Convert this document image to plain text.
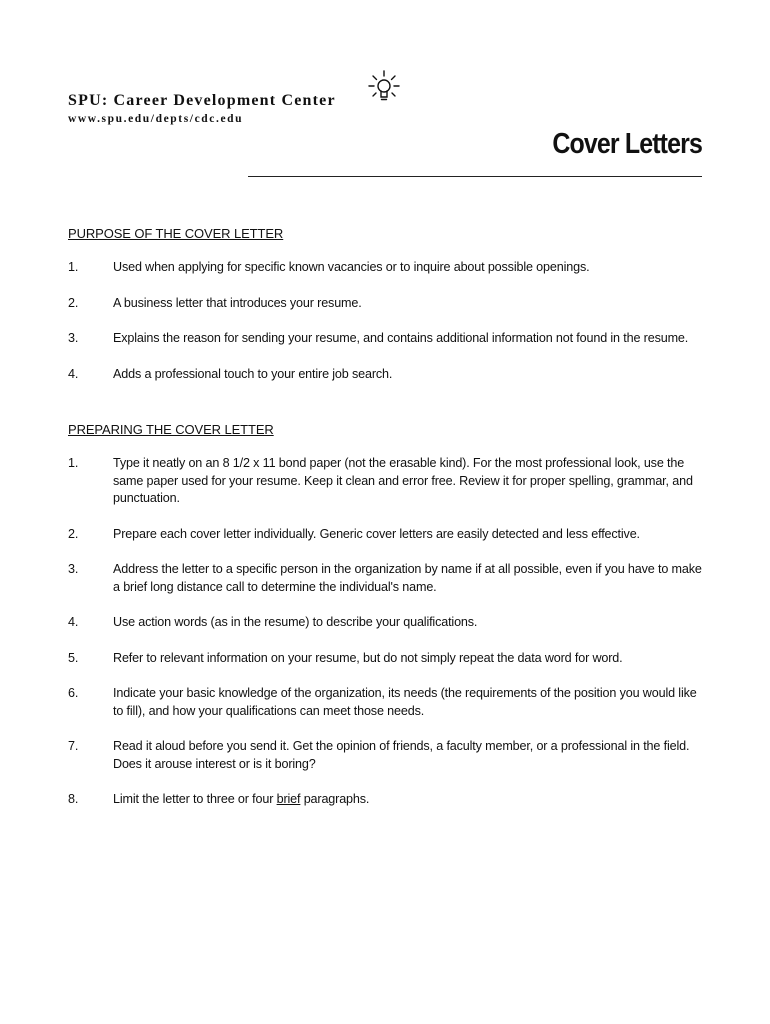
SPU: Career Development Center
www.spu.edu/depts/cdc.edu
Cover Letters
PURPOSE OF THE COVER LETTER
1.	Used when applying for specific known vacancies or to inquire about possible openings.
2.	A business letter that introduces your resume.
3.	Explains the reason for sending your resume, and contains additional information not found in the resume.
4.	Adds a professional touch to your entire job search.
PREPARING THE COVER LETTER
1.	Type it neatly on an 8 1/2 x 11 bond paper (not the erasable kind). For the most professional look, use the same paper used for your resume. Keep it clean and error free. Review it for proper spelling, grammar, and punctuation.
2.	Prepare each cover letter individually. Generic cover letters are easily detected and less effective.
3.	Address the letter to a specific person in the organization by name if at all possible, even if you have to make a brief long distance call to determine the individual's name.
4.	Use action words (as in the resume) to describe your qualifications.
5.	Refer to relevant information on your resume, but do not simply repeat the data word for word.
6.	Indicate your basic knowledge of the organization, its needs (the requirements of the position you would like to fill), and how your qualifications can meet those needs.
7.	Read it aloud before you send it. Get the opinion of friends, a faculty member, or a professional in the field. Does it arouse interest or is it boring?
8.	Limit the letter to three or four brief paragraphs.
